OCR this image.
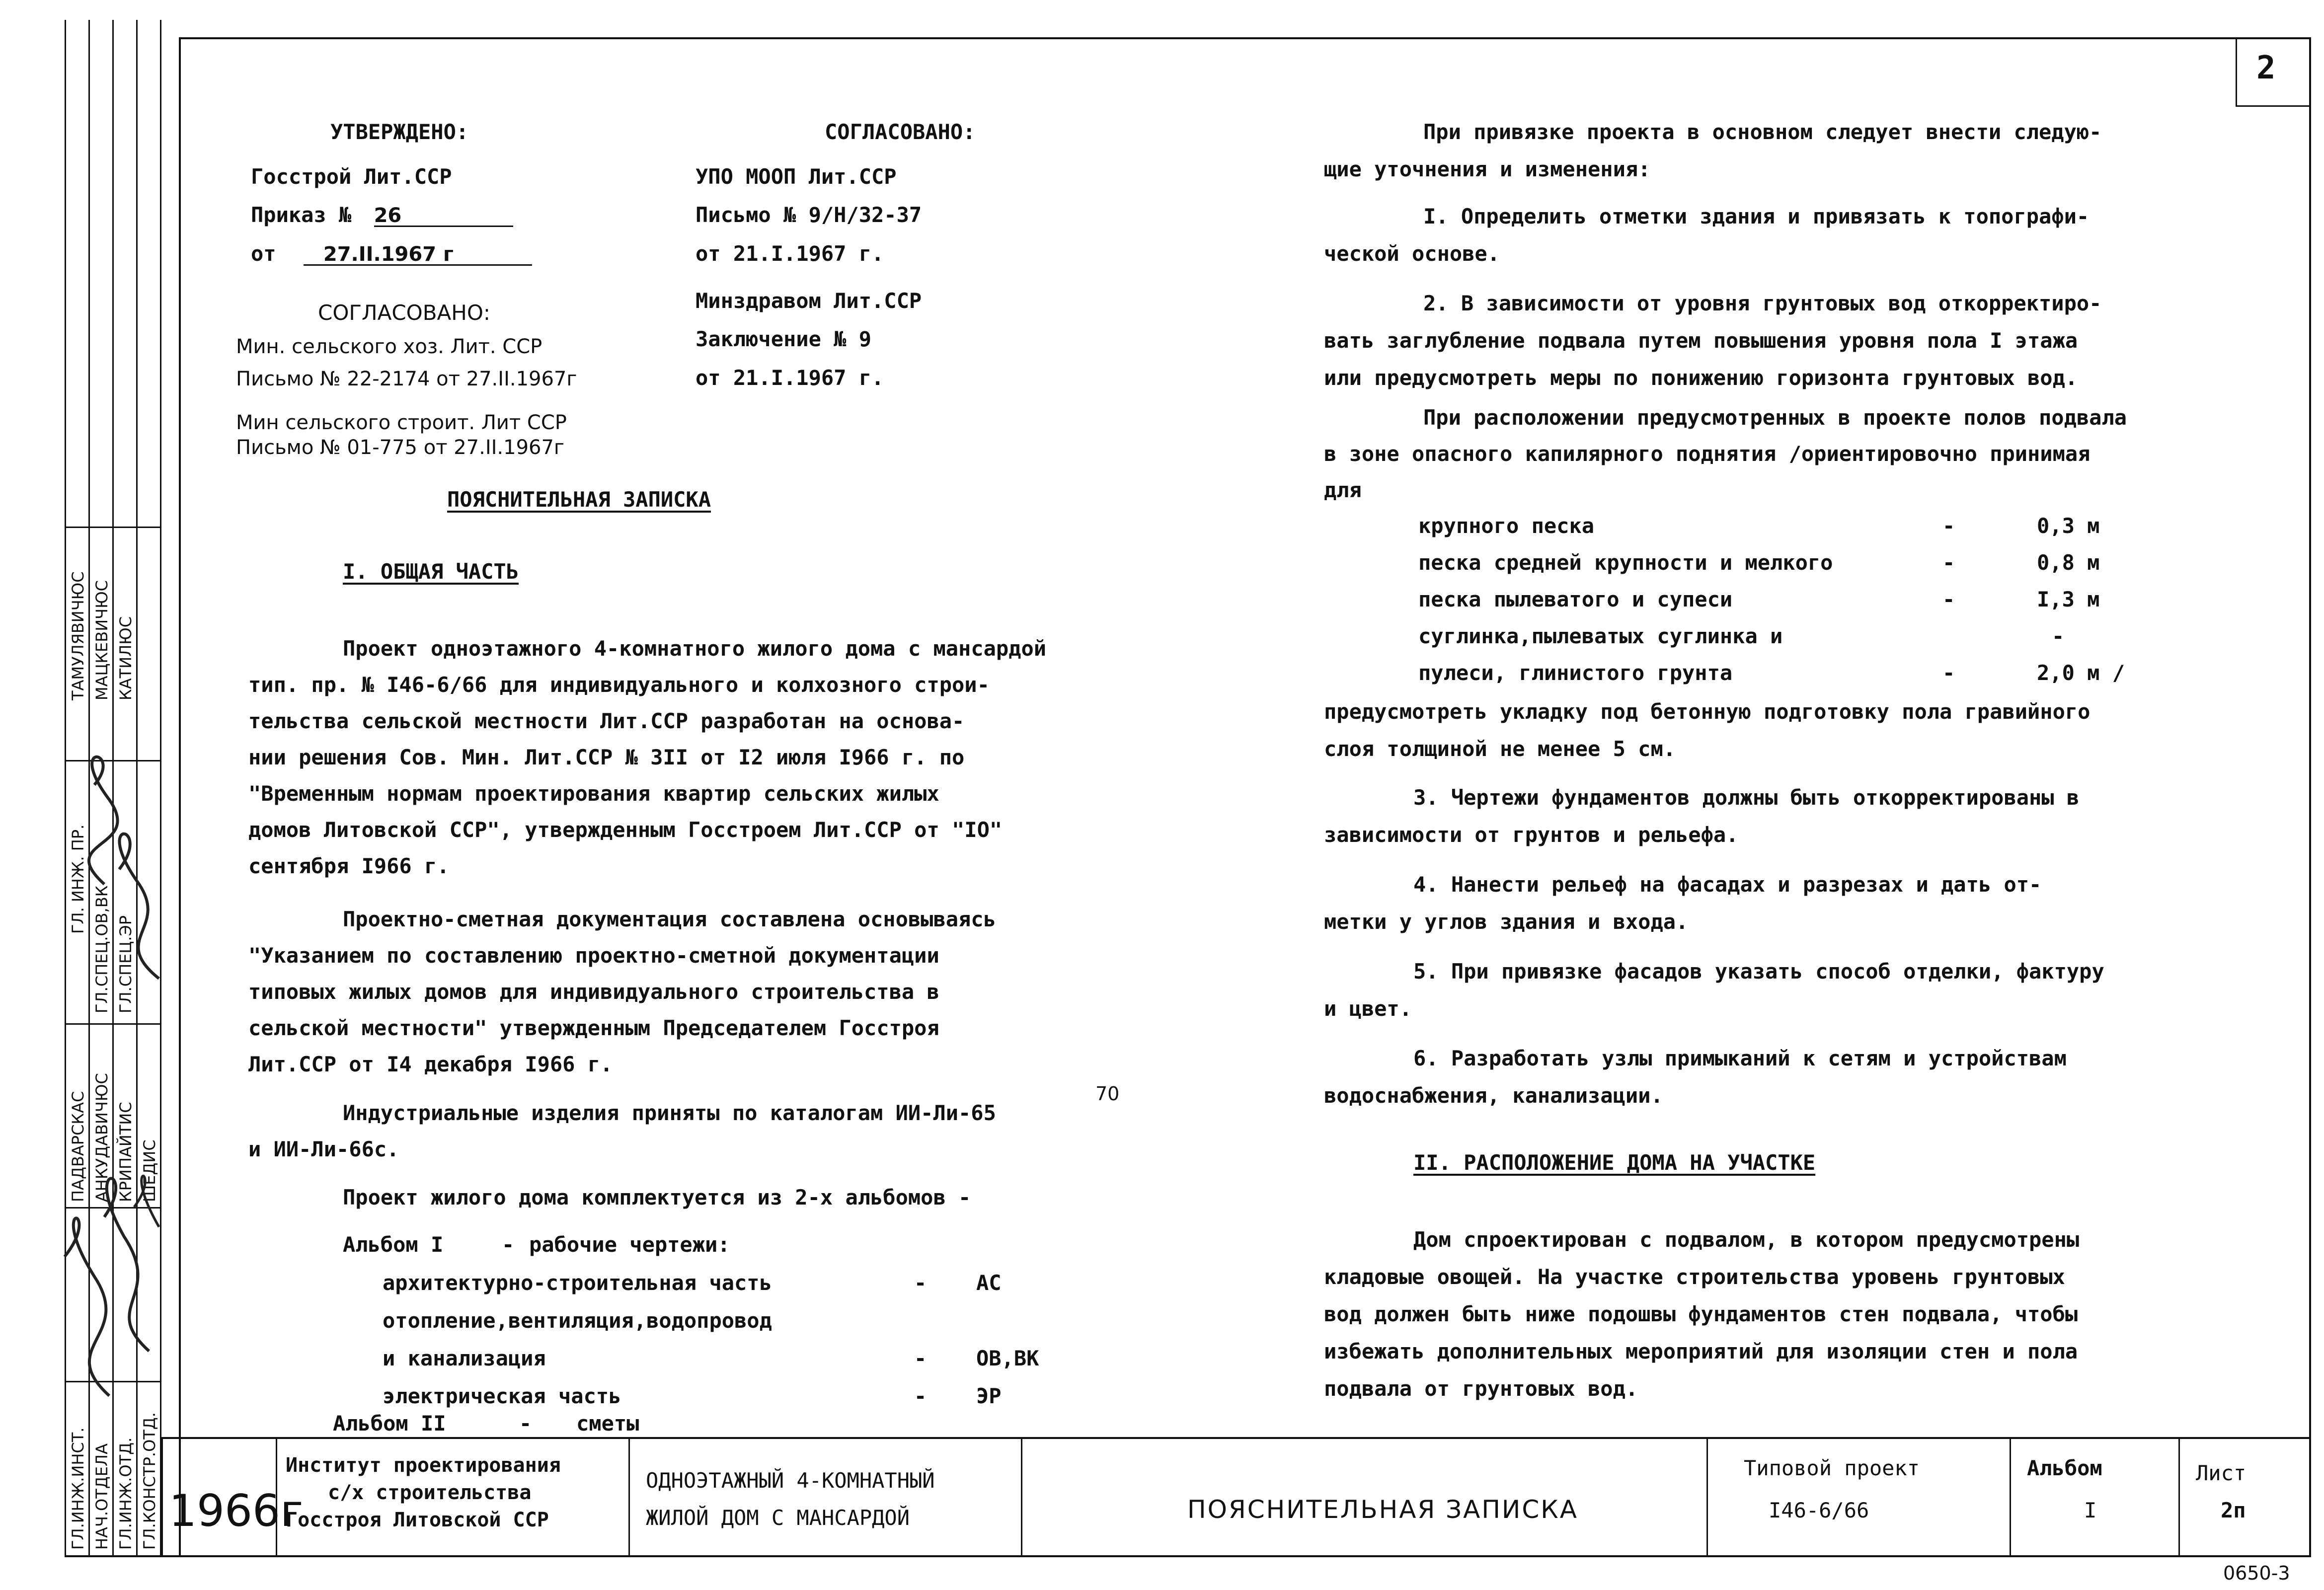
2
ГЛ.ИНЖ.ИНСТ.
ПАДВАРСКАС
ГЛ. ИНЖ. ПР.
ТАМУЛЯВИЧЮС
НАЧ.ОТДЕЛА
АНКУДАВИЧЮС
ГЛ.СПЕЦ.ОВ,ВК
МАЦКЕВИЧЮС
ГЛ.ИНЖ.ОТД.
КРИПАЙТИС
ГЛ.СПЕЦ.ЭР
КАТИЛЮС
ГЛ.КОНСТР.ОТД.
ШЕДИС
УТВЕРЖДЕНО:
Госстрой Лит.ССР
Приказ № 26
от 27.II.1967 г
СОГЛАСОВАНО:
Мин. сельского хоз. Лит. ССР
Письмо № 22-2174 от 27.II.1967г
Мин сельского строит. Лит ССР
Письмо № 01-775 от 27.II.1967г
СОГЛАСОВАНО:
УПО МООП Лит.ССР
Письмо № 9/Н/32-37
от 21.I.1967 г.
Минздравом Лит.ССР
Заключение № 9
от 21.I.1967 г.
ПОЯСНИТЕЛЬНАЯ ЗАПИСКА
I. ОБЩАЯ ЧАСТЬ
Проект одноэтажного 4-комнатного жилого дома с мансардой
тип. пр. № I46-6/66 для индивидуального и колхозного строи-
тельства сельской местности Лит.ССР разработан на основа-
нии решения Сов. Мин. Лит.ССР № 3II от I2 июля I966 г. по
"Временным нормам проектирования квартир сельских жилых
домов Литовской ССР", утвержденным Госстроем Лит.ССР от "IO"
сентября I966 г.
Проектно-сметная документация составлена основываясь
"Указанием по составлению проектно-сметной документации
типовых жилых домов для индивидуального строительства в
сельской местности" утвержденным Председателем Госстроя
Лит.ССР от I4 декабря I966 г.
70
Индустриальные изделия приняты по каталогам ИИ-Ли-65
и ИИ-Ли-66с.
Проект жилого дома комплектуется из 2-х альбомов -
Альбом I	- рабочие чертежи:
архитектурно-строительная часть	- АС
отопление,вентиляция,водопровод
и канализация	- ОВ,ВК
электрическая часть	- ЭР
Альбом II	- сметы
При привязке проекта в основном следует внести следую-
щие уточнения и изменения:
I. Определить отметки здания и привязать к топографи-
ческой основе.
2. В зависимости от уровня грунтовых вод откорректиро-
вать заглубление подвала путем повышения уровня пола I этажа
или предусмотреть меры по понижению горизонта грунтовых вод.
При расположении предусмотренных в проекте полов подвала
в зоне опасного капилярного поднятия /ориентировочно принимая
для
крупного песка	-	0,3 м
песка средней крупности и мелкого	-	0,8 м
песка пылеватого и супеси	-	I,3 м
суглинка,пылеватых суглинка и	-
пулеси, глинистого грунта	-	2,0 м /
предусмотреть укладку под бетонную подготовку пола гравийного
слоя толщиной не менее 5 см.
3. Чертежи фундаментов должны быть откорректированы в
зависимости от грунтов и рельефа.
4. Нанести рельеф на фасадах и разрезах и дать от-
метки у углов здания и входа.
5. При привязке фасадов указать способ отделки, фактуру
и цвет.
6. Разработать узлы примыканий к сетям и устройствам
водоснабжения, канализации.
II. РАСПОЛОЖЕНИЕ ДОМА НА УЧАСТКЕ
Дом спроектирован с подвалом, в котором предусмотрены
кладовые овощей. На участке строительства уровень грунтовых
вод должен быть ниже подошвы фундаментов стен подвала, чтобы
избежать дополнительных мероприятий для изоляции стен и пола
подвала от грунтовых вод.
1966г
Институт проектирования
с/х строительства
Госстроя Литовской ССР
ОДНОЭТАЖНЫЙ 4-КОМНАТНЫЙ
ЖИЛОЙ ДОМ С МАНСАРДОЙ	ПОЯСНИТЕЛЬНАЯ ЗАПИСКА
Типовой проект
I46-6/66
Альбом
I
Лист
2п
0650-3
